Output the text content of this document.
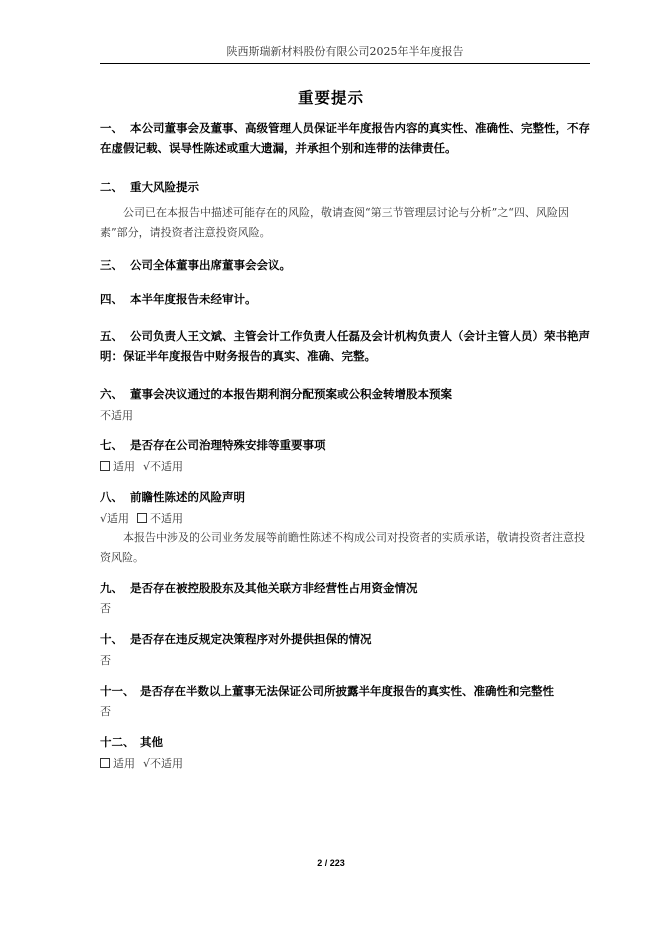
陕西斯瑞新材料股份有限公司2025年半年度报告
重要提示
一、 本公司董事会及董事、高级管理人员保证半年度报告内容的真实性、准确性、完整性，不存在虚假记载、误导性陈述或重大遗漏，并承担个别和连带的法律责任。
二、 重大风险提示
公司已在本报告中描述可能存在的风险，敬请查阅“第三节管理层讨论与分析”之“四、风险因素”部分，请投资者注意投资风险。
三、 公司全体董事出席董事会会议。
四、 本半年度报告未经审计。
五、 公司负责人王文斌、主管会计工作负责人任磊及会计机构负责人（会计主管人员）荣书艳声明：保证半年度报告中财务报告的真实、准确、完整。
六、 董事会决议通过的本报告期利润分配预案或公积金转增股本预案
不适用
七、 是否存在公司治理特殊安排等重要事项
适用 √不适用
八、 前瞻性陈述的风险声明
√适用 不适用
本报告中涉及的公司业务发展等前瞻性陈述不构成公司对投资者的实质承诺，敬请投资者注意投资风险。
九、 是否存在被控股股东及其他关联方非经营性占用资金情况
否
十、 是否存在违反规定决策程序对外提供担保的情况
否
十一、 是否存在半数以上董事无法保证公司所披露半年度报告的真实性、准确性和完整性
否
十二、 其他
适用 √不适用
2 / 223
